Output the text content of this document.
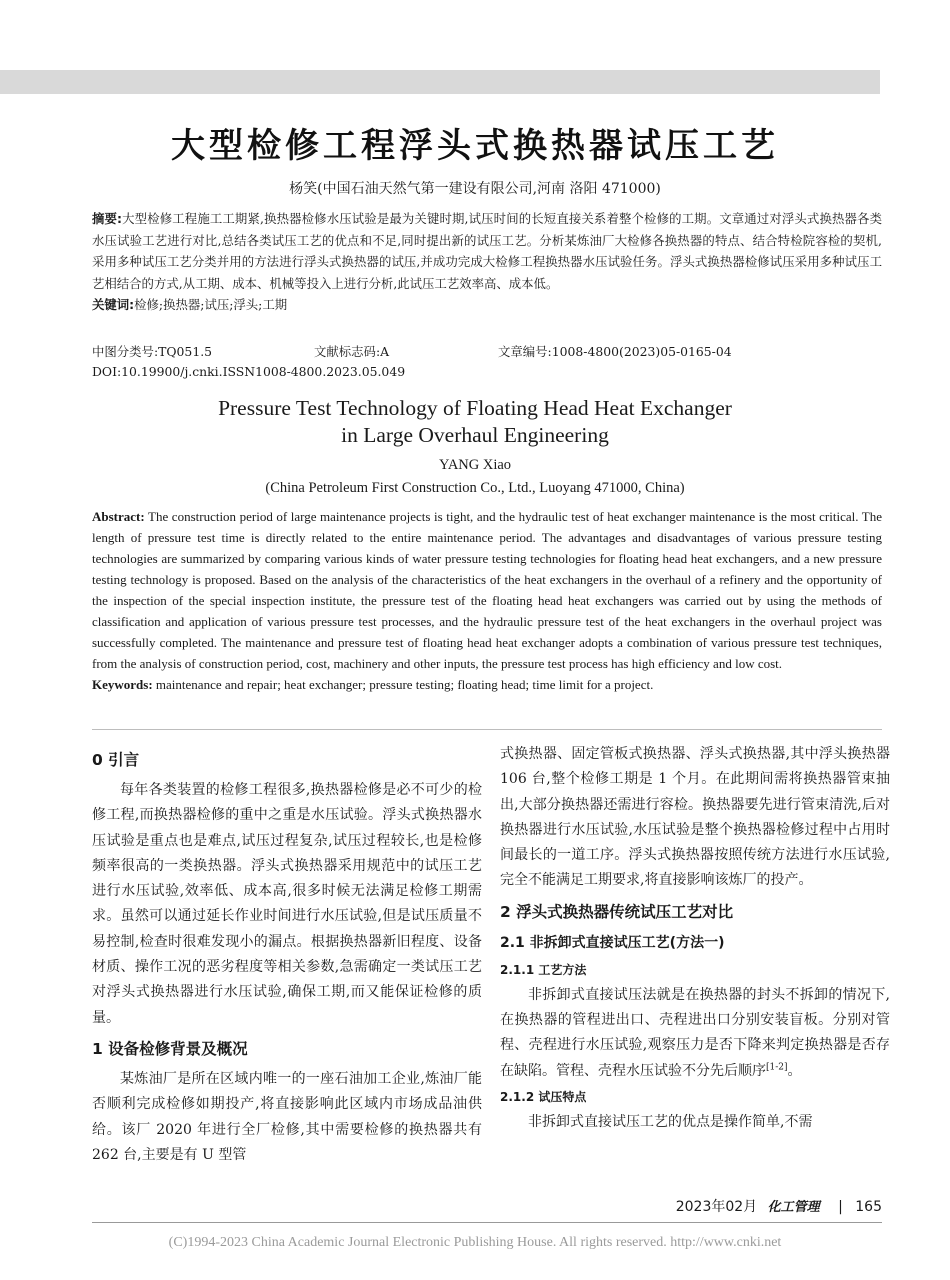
大型检修工程浮头式换热器试压工艺
杨笑(中国石油天然气第一建设有限公司,河南 洛阳 471000)

摘要:大型检修工程施工工期紧,换热器检修水压试验是最为关键时期,试压时间的长短直接关系着整个检修的工期。文章通过对浮头式换热器各类水压试验工艺进行对比,总结各类试压工艺的优点和不足,同时提出新的试压工艺。分析某炼油厂大检修各换热器的特点、结合特检院容检的契机,采用多种试压工艺分类并用的方法进行浮头式换热器的试压,并成功完成大检修工程换热器水压试验任务。浮头式换热器检修试压采用多种试压工艺相结合的方式,从工期、成本、机械等投入上进行分析,此试压工艺效率高、成本低。

关键词:检修;换热器;试压;浮头;工期

中图分类号:TQ051.5	文献标志码:A	文章编号:1008-4800(2023)05-0165-04
DOI:10.19900/j.cnki.ISSN1008-4800.2023.05.049
Pressure Test Technology of Floating Head Heat Exchanger
in Large Overhaul Engineering
YANG Xiao
(China Petroleum First Construction Co., Ltd., Luoyang 471000, China)

Abstract: The construction period of large maintenance projects is tight, and the hydraulic test of heat exchanger maintenance is the most critical. The length of pressure test time is directly related to the entire maintenance period. The advantages and disadvantages of various pressure testing technologies are summarized by comparing various kinds of water pressure testing technologies for floating head heat exchangers, and a new pressure testing technology is proposed. Based on the analysis of the characteristics of the heat exchangers in the overhaul of a refinery and the opportunity of the inspection of the special inspection institute, the pressure test of the floating head heat exchangers was carried out by using the methods of classification and application of various pressure test processes, and the hydraulic pressure test of the heat exchangers in the overhaul project was successfully completed. The maintenance and pressure test of floating head heat exchanger adopts a combination of various pressure test techniques, from the analysis of construction period, cost, machinery and other inputs, the pressure test process has high efficiency and low cost.

Keywords: maintenance and repair; heat exchanger; pressure testing; floating head; time limit for a project.

0 引言

每年各类装置的检修工程很多,换热器检修是必不可少的检修工程,而换热器检修的重中之重是水压试验。浮头式换热器水压试验是重点也是难点,试压过程复杂,试压过程较长,也是检修频率很高的一类换热器。浮头式换热器采用规范中的试压工艺进行水压试验,效率低、成本高,很多时候无法满足检修工期需求。虽然可以通过延长作业时间进行水压试验,但是试压质量不易控制,检查时很难发现小的漏点。根据换热器新旧程度、设备材质、操作工况的恶劣程度等相关参数,急需确定一类试压工艺对浮头式换热器进行水压试验,确保工期,而又能保证检修的质量。

1 设备检修背景及概况

某炼油厂是所在区域内唯一的一座石油加工企业,炼油厂能否顺利完成检修如期投产,将直接影响此区域内市场成品油供给。该厂 2020 年进行全厂检修,其中需要检修的换热器共有 262 台,主要是有 U 型管

式换热器、固定管板式换热器、浮头式换热器,其中浮头换热器 106 台,整个检修工期是 1 个月。在此期间需将换热器管束抽出,大部分换热器还需进行容检。换热器要先进行管束清洗,后对换热器进行水压试验,水压试验是整个换热器检修过程中占用时间最长的一道工序。浮头式换热器按照传统方法进行水压试验,完全不能满足工期要求,将直接影响该炼厂的投产。

2 浮头式换热器传统试压工艺对比
2.1 非拆卸式直接试压工艺(方法一)
2.1.1 工艺方法

非拆卸式直接试压法就是在换热器的封头不拆卸的情况下,在换热器的管程进出口、壳程进出口分别安装盲板。分别对管程、壳程进行水压试验,观察压力是否下降来判定换热器是否存在缺陷。管程、壳程水压试验不分先后顺序[1-2]。

2.1.2 试压特点

非拆卸式直接试压工艺的优点是操作简单,不需

2023年02月 化工管理 | 165
(C)1994-2023 China Academic Journal Electronic Publishing House. All rights reserved. http://www.cnki.net
